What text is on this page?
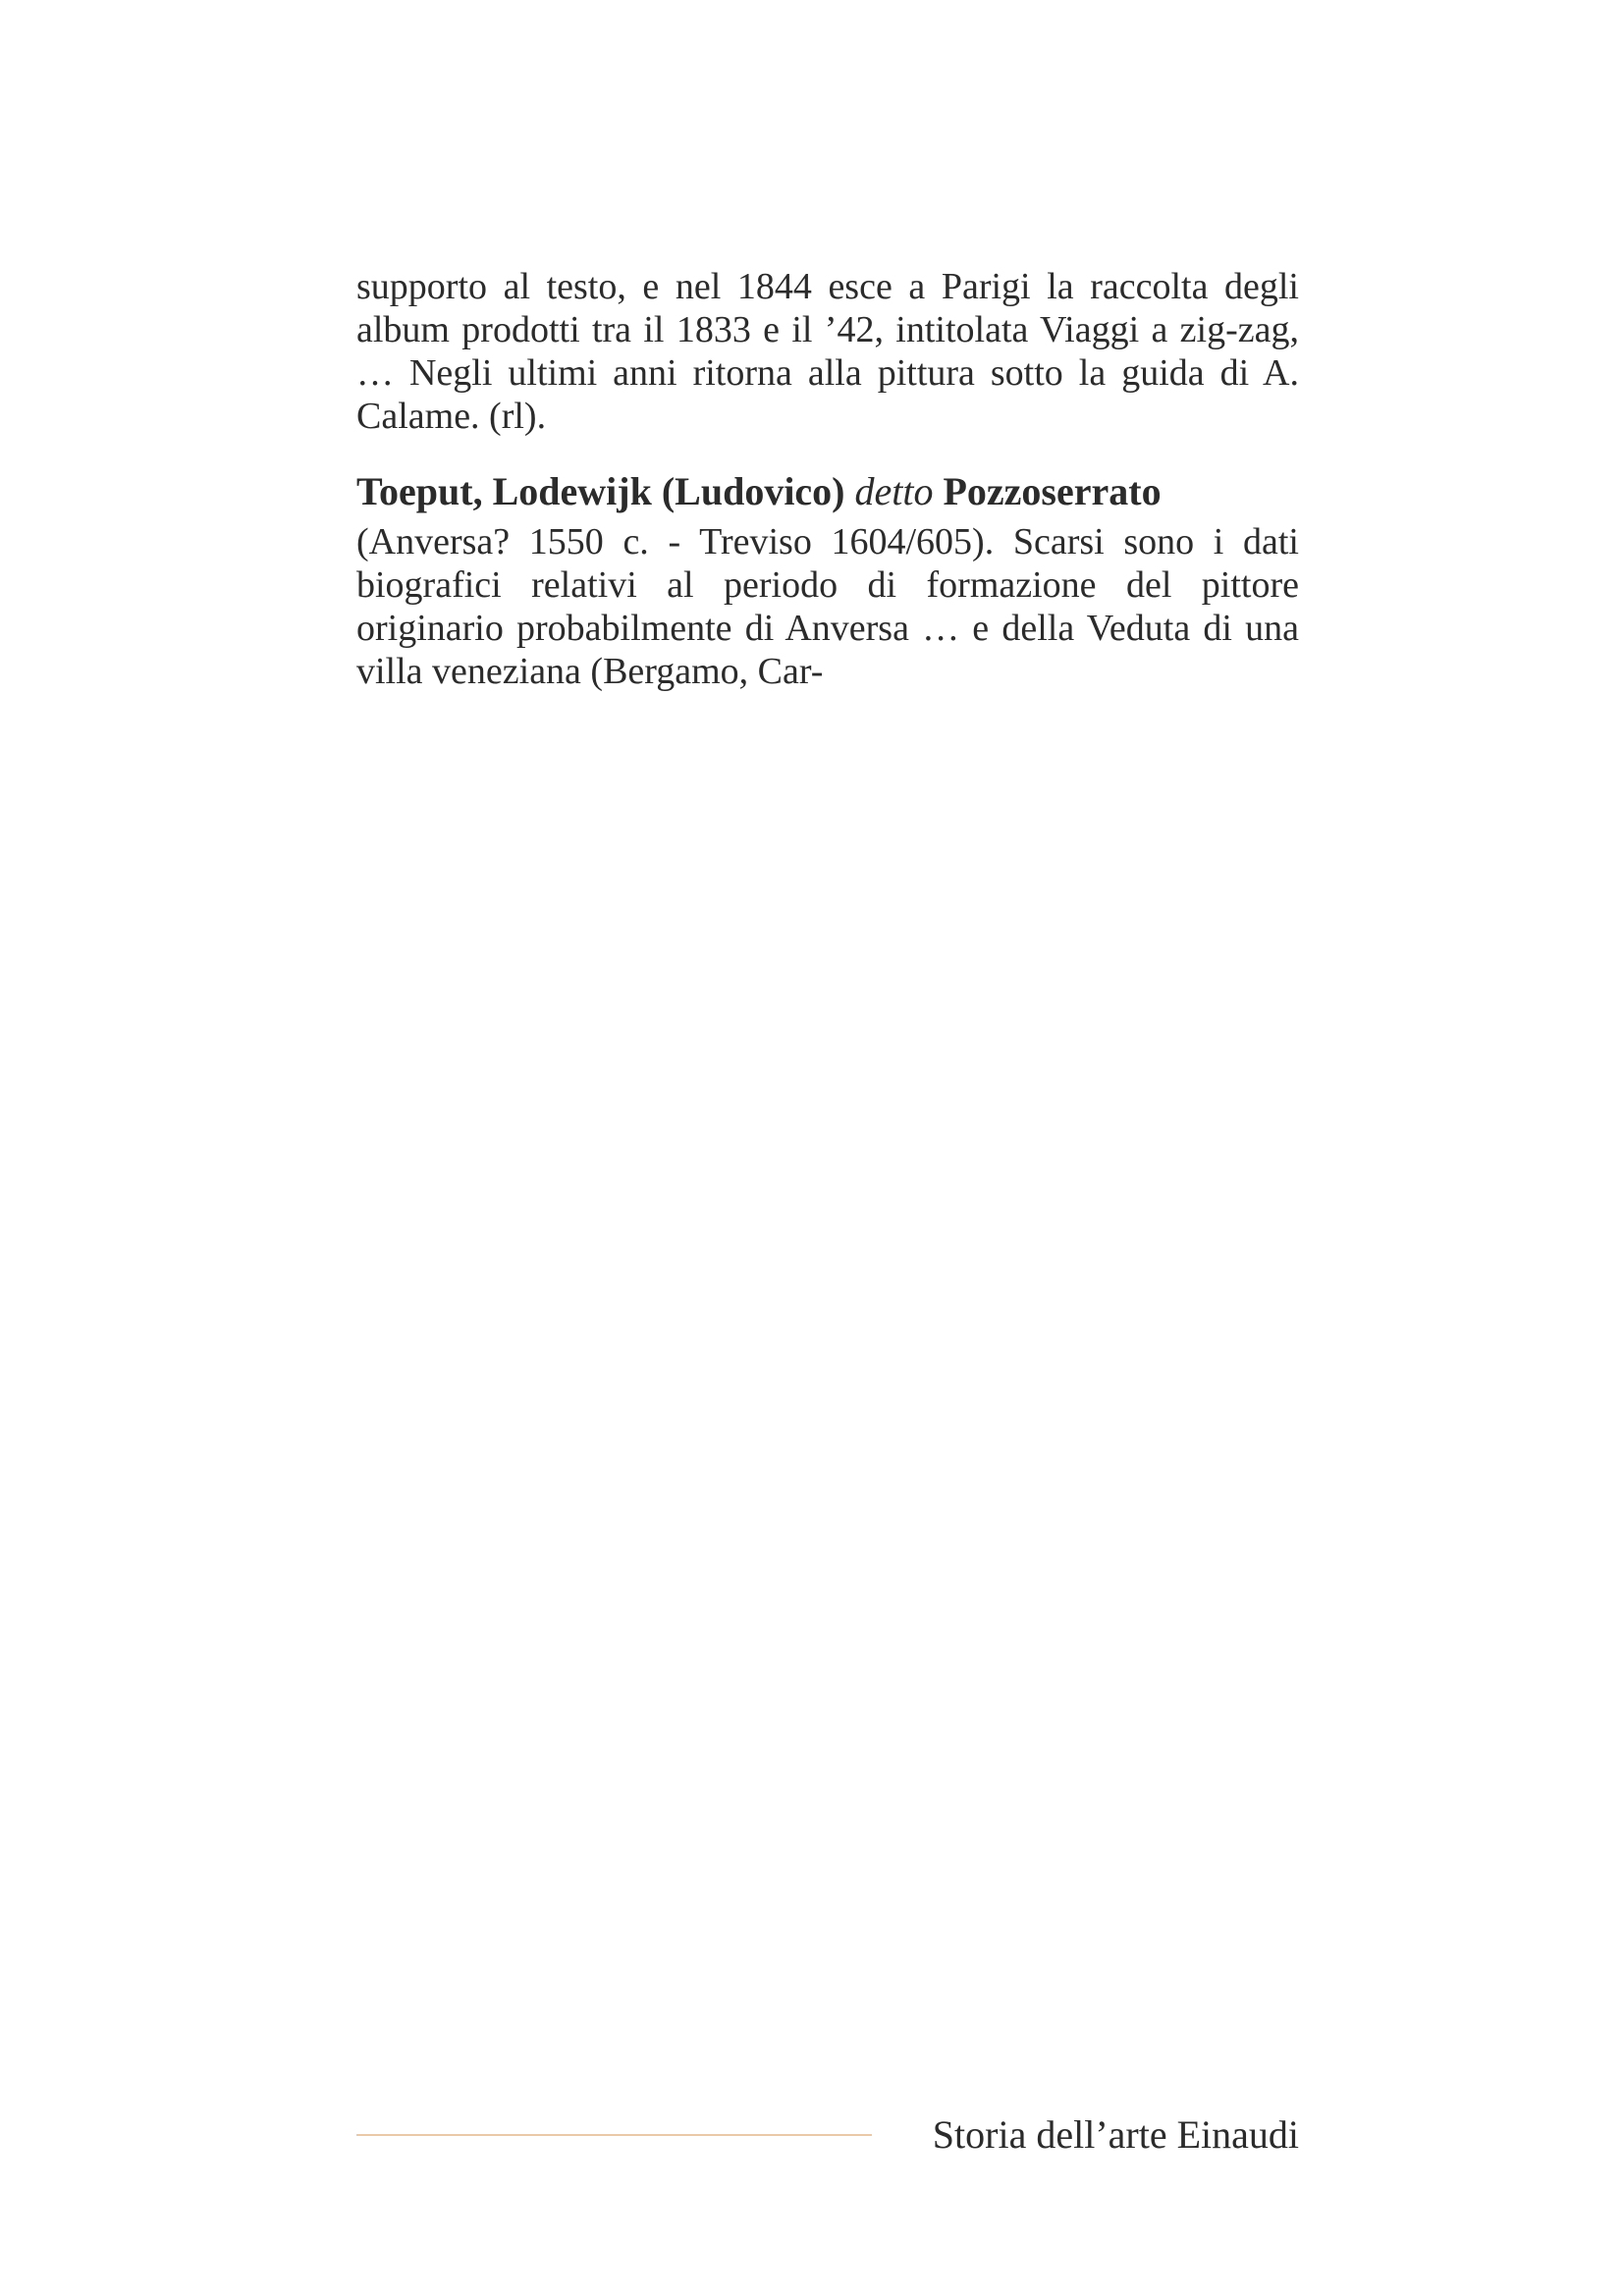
supporto al testo, e nel 1844 esce a Parigi la raccolta degli album prodotti tra il 1833 e il ’42, intitolata Viaggi a zig-zag, … Negli ultimi anni ritorna alla pittura sotto la guida di A. Calame. (rl).

Toeput, Lodewijk (Ludovico) detto Pozzoserrato

(Anversa? 1550 c. - Treviso 1604/605). Scarsi sono i dati biografici relativi al periodo di formazione del pittore originario probabilmente di Anversa … e della Veduta di una villa veneziana (Bergamo, Car-

Storia dell’arte Einaudi
